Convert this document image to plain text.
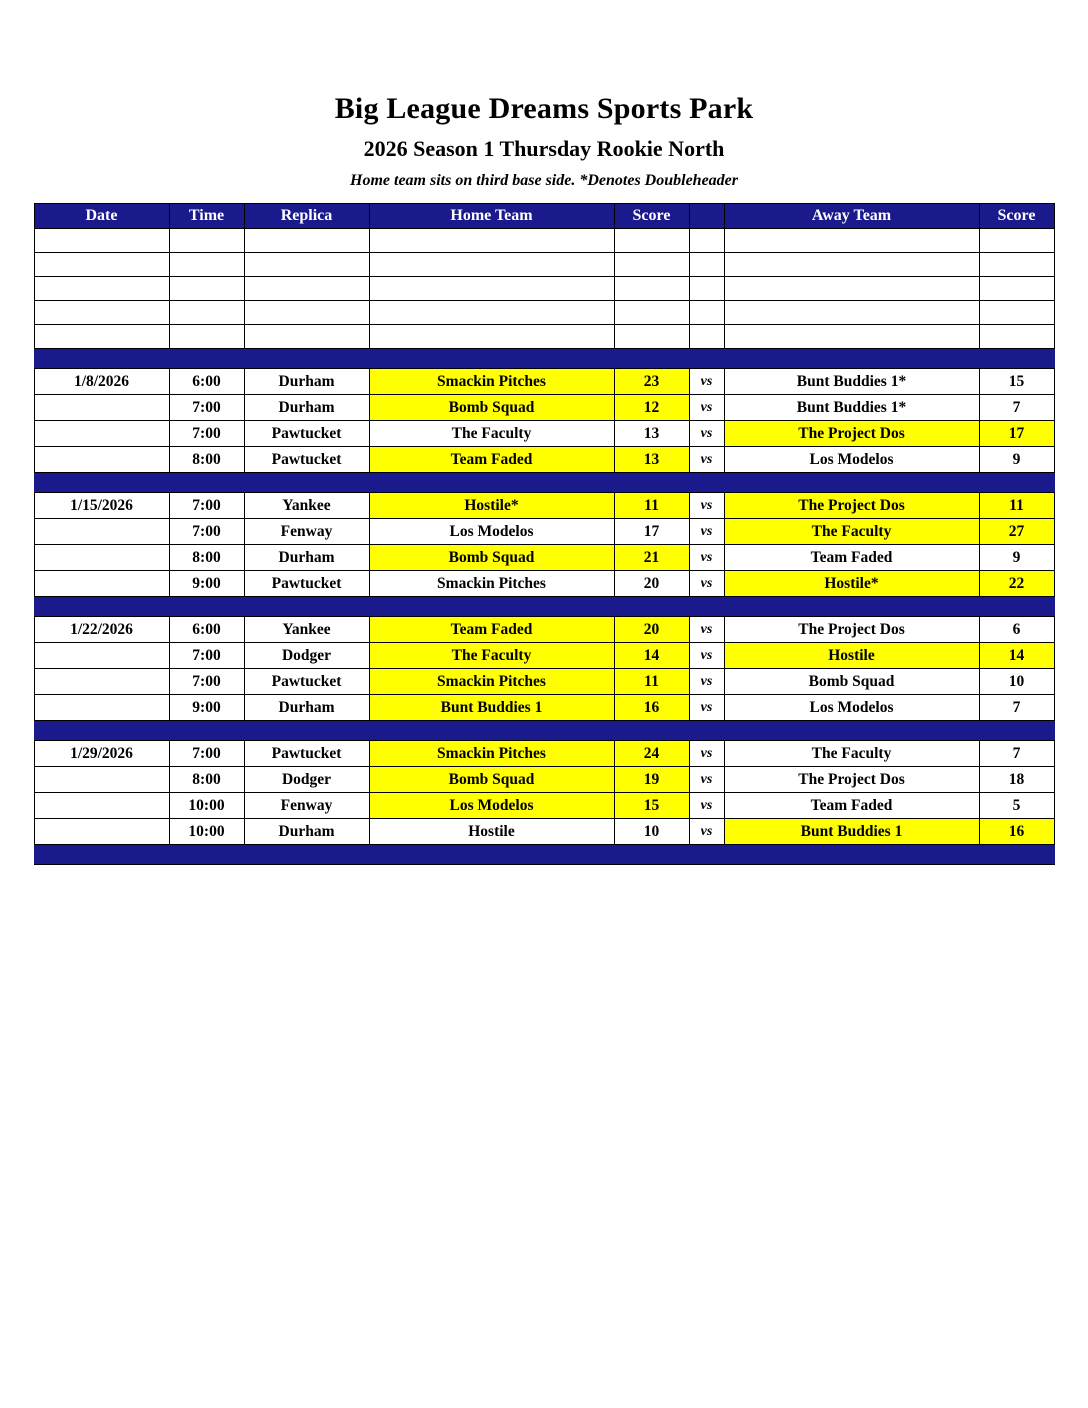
Big League Dreams Sports Park
2026 Season 1 Thursday Rookie North
Home team sits on third base side. *Denotes Doubleheader
Date	Time	Replica	Home Team	Score		Away Team	Score

1/8/2026	6:00	Durham	Smackin Pitches	23	vs	Bunt Buddies 1*	15
	7:00	Durham	Bomb Squad	12	vs	Bunt Buddies 1*	7
	7:00	Pawtucket	The Faculty	13	vs	The Project Dos	17
	8:00	Pawtucket	Team Faded	13	vs	Los Modelos	9

1/15/2026	7:00	Yankee	Hostile*	11	vs	The Project Dos	11
	7:00	Fenway	Los Modelos	17	vs	The Faculty	27
	8:00	Durham	Bomb Squad	21	vs	Team Faded	9
	9:00	Pawtucket	Smackin Pitches	20	vs	Hostile*	22

1/22/2026	6:00	Yankee	Team Faded	20	vs	The Project Dos	6
	7:00	Dodger	The Faculty	14	vs	Hostile	14
	7:00	Pawtucket	Smackin Pitches	11	vs	Bomb Squad	10
	9:00	Durham	Bunt Buddies 1	16	vs	Los Modelos	7

1/29/2026	7:00	Pawtucket	Smackin Pitches	24	vs	The Faculty	7
	8:00	Dodger	Bomb Squad	19	vs	The Project Dos	18
	10:00	Fenway	Los Modelos	15	vs	Team Faded	5
	10:00	Durham	Hostile	10	vs	Bunt Buddies 1	16
